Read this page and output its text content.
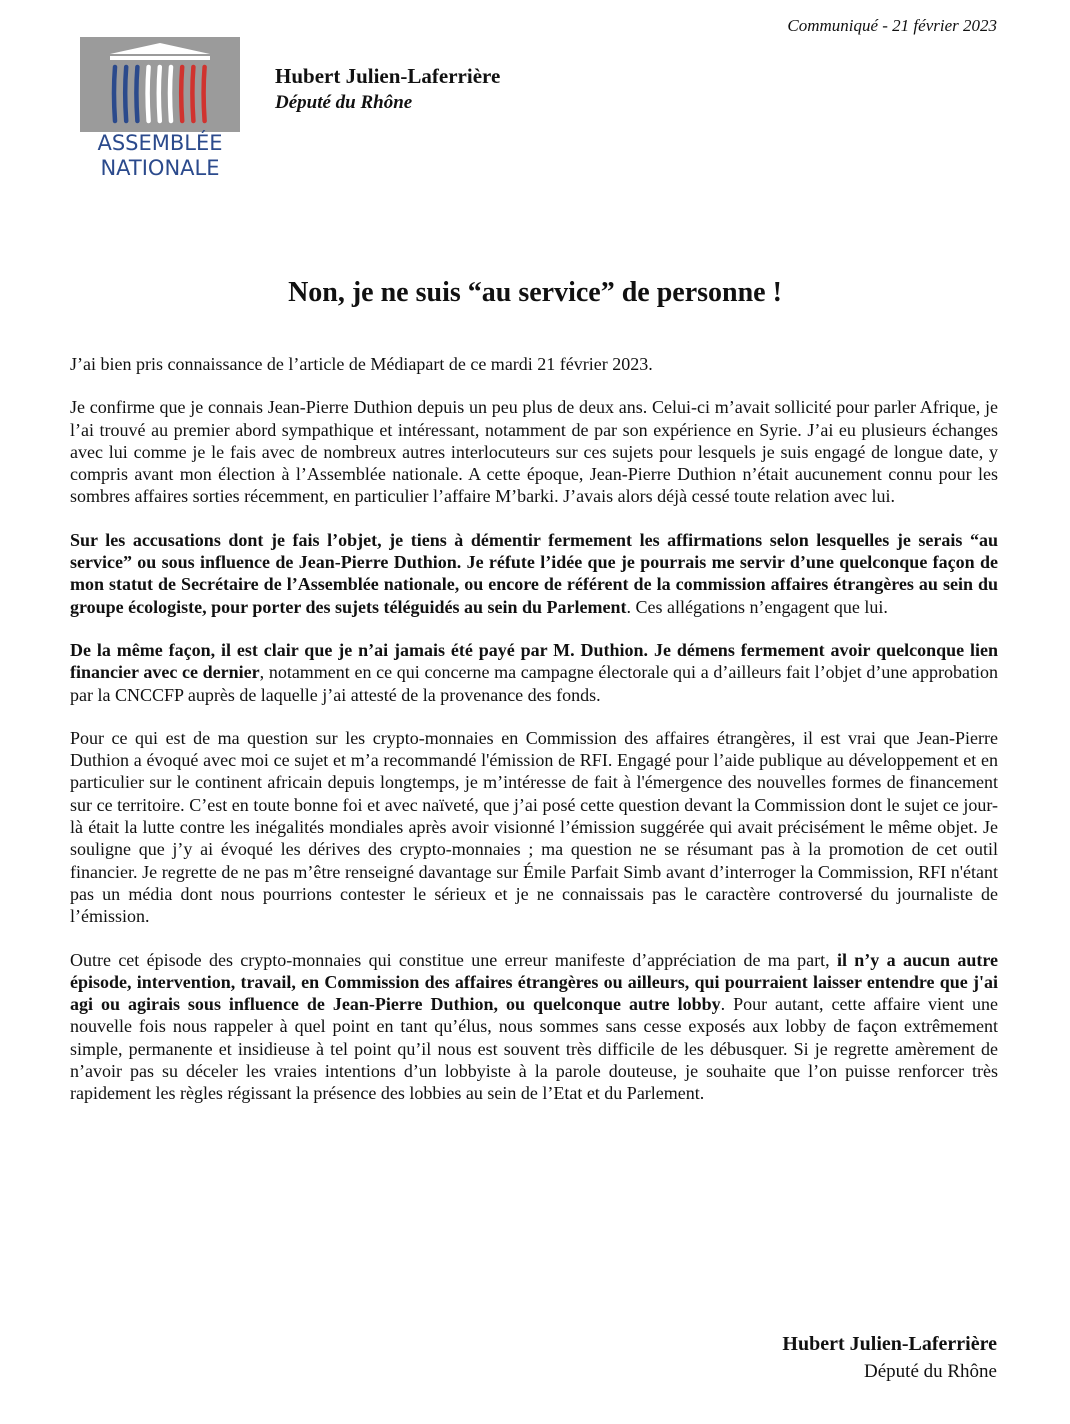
Communiqué - 21 février 2023
ASSEMBLÉE
NATIONALE
Hubert Julien-Laferrière
Député du Rhône
Non, je ne suis “au service” de personne !

J’ai bien pris connaissance de l’article de Médiapart de ce mardi 21 février 2023.

Je confirme que je connais Jean-Pierre Duthion depuis un peu plus de deux ans. Celui-ci m’avait sollicité pour parler Afrique, je l’ai trouvé au premier abord sympathique et intéressant, notamment de par son expérience en Syrie. J’ai eu plusieurs échanges avec lui comme je le fais avec de nombreux autres interlocuteurs sur ces sujets pour lesquels je suis engagé de longue date, y compris avant mon élection à l’Assemblée nationale. A cette époque, Jean-Pierre Duthion n’était aucunement connu pour les sombres affaires sorties récemment, en particulier l’affaire M’barki. J’avais alors déjà cessé toute relation avec lui.

Sur les accusations dont je fais l’objet, je tiens à démentir fermement les affirmations selon lesquelles je serais “au service” ou sous influence de Jean-Pierre Duthion. Je réfute l’idée que je pourrais me servir d’une quelconque façon de mon statut de Secrétaire de l’Assemblée nationale, ou encore de référent de la commission affaires étrangères au sein du groupe écologiste, pour porter des sujets téléguidés au sein du Parlement. Ces allégations n’engagent que lui.

De la même façon, il est clair que je n’ai jamais été payé par M. Duthion. Je démens fermement avoir quelconque lien financier avec ce dernier, notamment en ce qui concerne ma campagne électorale qui a d’ailleurs fait l’objet d’une approbation par la CNCCFP auprès de laquelle j’ai attesté de la provenance des fonds.

Pour ce qui est de ma question sur les crypto-monnaies en Commission des affaires étrangères, il est vrai que Jean-Pierre Duthion a évoqué avec moi ce sujet et m’a recommandé l'émission de RFI. Engagé pour l’aide publique au développement et en particulier sur le continent africain depuis longtemps, je m’intéresse de fait à l'émergence des nouvelles formes de financement sur ce territoire. C’est en toute bonne foi et avec naïveté, que j’ai posé cette question devant la Commission dont le sujet ce jour-là était la lutte contre les inégalités mondiales après avoir visionné l’émission suggérée qui avait précisément le même objet. Je souligne que j’y ai évoqué les dérives des crypto-monnaies ; ma question ne se résumant pas à la promotion de cet outil financier. Je regrette de ne pas m’être renseigné davantage sur Émile Parfait Simb avant d’interroger la Commission, RFI n'étant pas un média dont nous pourrions contester le sérieux et je ne connaissais pas le caractère controversé du journaliste de l’émission.

Outre cet épisode des crypto-monnaies qui constitue une erreur manifeste d’appréciation de ma part, il n’y a aucun autre épisode, intervention, travail, en Commission des affaires étrangères ou ailleurs, qui pourraient laisser entendre que j'ai agi ou agirais sous influence de Jean-Pierre Duthion, ou quelconque autre lobby. Pour autant, cette affaire vient une nouvelle fois nous rappeler à quel point en tant qu’élus, nous sommes sans cesse exposés aux lobby de façon extrêmement simple, permanente et insidieuse à tel point qu’il nous est souvent très difficile de les débusquer. Si je regrette amèrement de n’avoir pas su déceler les vraies intentions d’un lobbyiste à la parole douteuse, je souhaite que l’on puisse renforcer très rapidement les règles régissant la présence des lobbies au sein de l’Etat et du Parlement.

Hubert Julien-Laferrière
Député du Rhône
